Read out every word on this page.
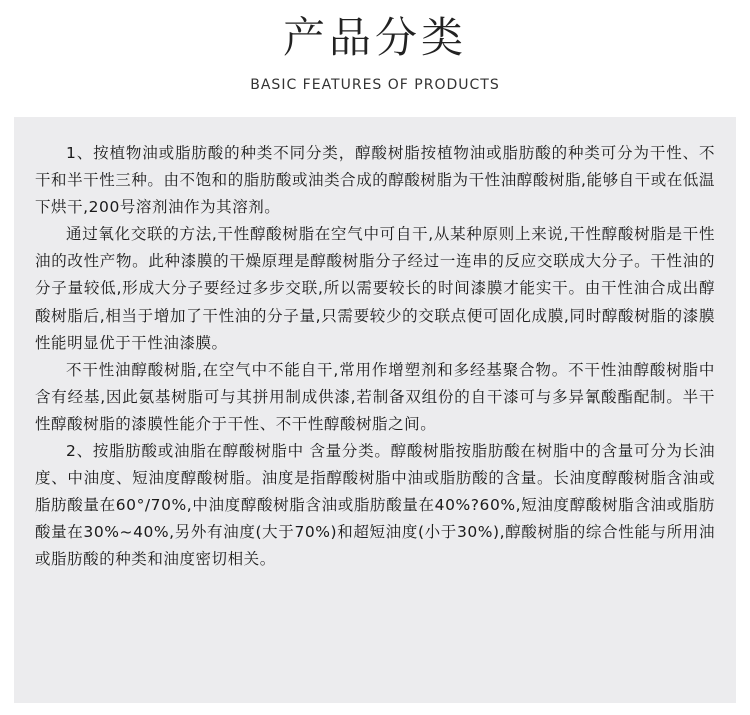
产品分类
BASIC FEATURES OF PRODUCTS

1、按植物油或脂肪酸的种类不同分类，醇酸树脂按植物油或脂肪酸的种类可分为干性、不干和半干性三种。由不饱和的脂肪酸或油类合成的醇酸树脂为干性油醇酸树脂,能够自干或在低温下烘干,200号溶剂油作为其溶剂。

通过氧化交联的方法,干性醇酸树脂在空气中可自干,从某种原则上来说,干性醇酸树脂是干性油的改性产物。此种漆膜的干燥原理是醇酸树脂分子经过一连串的反应交联成大分子。干性油的分子量较低,形成大分子要经过多步交联,所以需要较长的时间漆膜才能实干。由干性油合成出醇酸树脂后,相当于增加了干性油的分子量,只需要较少的交联点便可固化成膜,同时醇酸树脂的漆膜性能明显优于干性油漆膜。

不干性油醇酸树脂,在空气中不能自干,常用作增塑剂和多经基聚合物。不干性油醇酸树脂中含有经基,因此氨基树脂可与其拼用制成供漆,若制备双组份的自干漆可与多异氰酸酯配制。半干性醇酸树脂的漆膜性能介于干性、不干性醇酸树脂之间。

2、按脂肪酸或油脂在醇酸树脂中 含量分类。醇酸树脂按脂肪酸在树脂中的含量可分为长油度、中油度、短油度醇酸树脂。油度是指醇酸树脂中油或脂肪酸的含量。长油度醇酸树脂含油或脂肪酸量在60°/70%,中油度醇酸树脂含油或脂肪酸量在40%?60%,短油度醇酸树脂含油或脂肪酸量在30%~40%,另外有油度(大于70%)和超短油度(小于30%),醇酸树脂的综合性能与所用油或脂肪酸的种类和油度密切相关。
